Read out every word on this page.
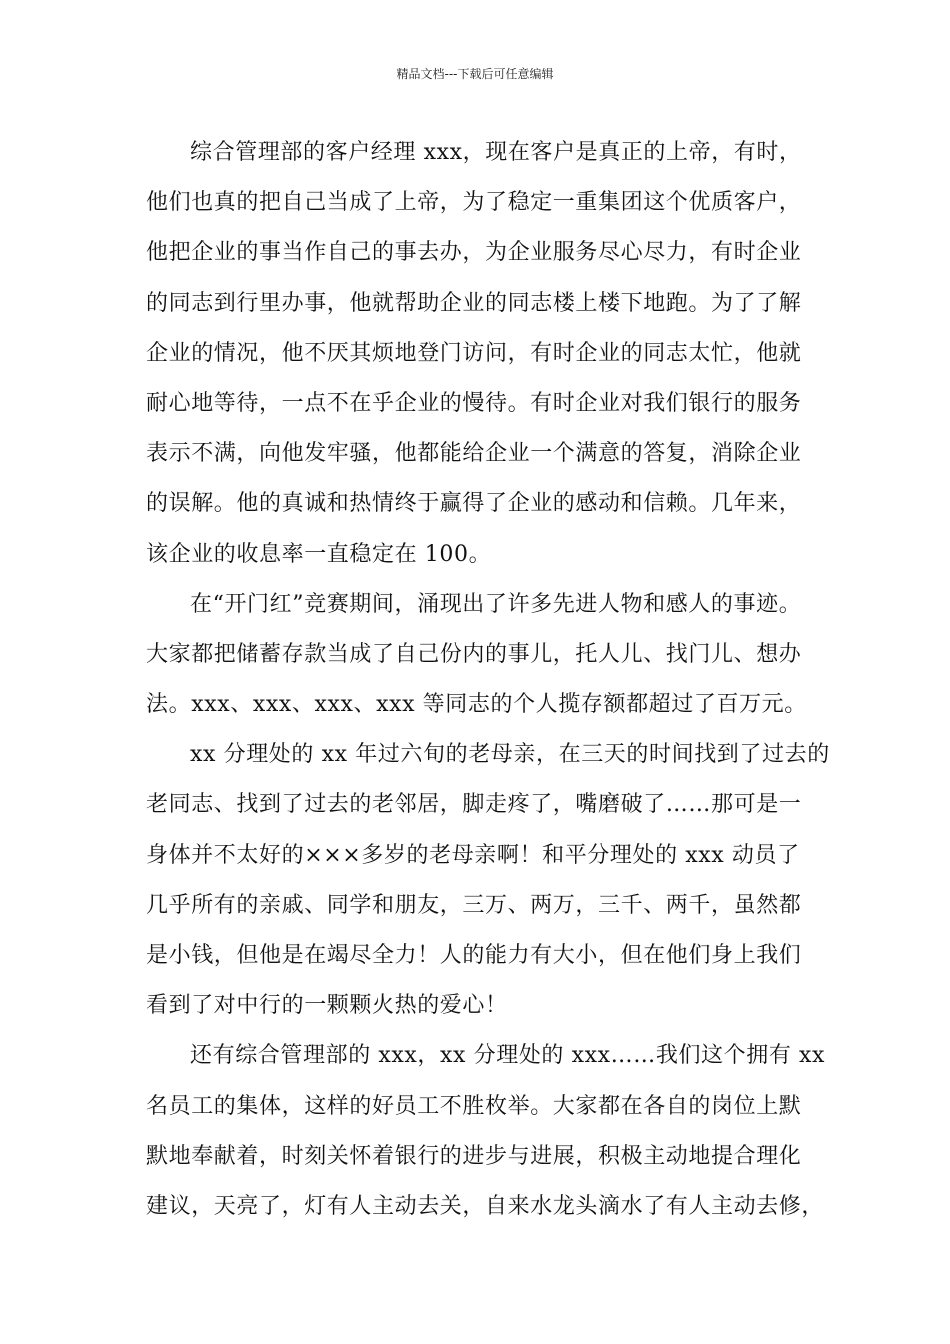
精品文档---下载后可任意编辑
综合管理部的客户经理 xxx，现在客户是真正的上帝，有时，
他们也真的把自己当成了上帝，为了稳定一重集团这个优质客户，
他把企业的事当作自己的事去办，为企业服务尽心尽力，有时企业
的同志到行里办事，他就帮助企业的同志楼上楼下地跑。为了了解
企业的情况，他不厌其烦地登门访问，有时企业的同志太忙，他就
耐心地等待，一点不在乎企业的慢待。有时企业对我们银行的服务
表示不满，向他发牢骚，他都能给企业一个满意的答复，消除企业
的误解。他的真诚和热情终于赢得了企业的感动和信赖。几年来，
该企业的收息率一直稳定在 100。
在“开门红”竞赛期间，涌现出了许多先进人物和感人的事迹。
大家都把储蓄存款当成了自己份内的事儿，托人儿、找门儿、想办
法。xxx、xxx、xxx、xxx 等同志的个人揽存额都超过了百万元。
xx 分理处的 xx 年过六旬的老母亲，在三天的时间找到了过去的
老同志、找到了过去的老邻居，脚走疼了，嘴磨破了……那可是一
身体并不太好的×××多岁的老母亲啊！和平分理处的 xxx 动员了
几乎所有的亲戚、同学和朋友，三万、两万，三千、两千，虽然都
是小钱，但他是在竭尽全力！人的能力有大小，但在他们身上我们
看到了对中行的一颗颗火热的爱心！
还有综合管理部的 xxx，xx 分理处的 xxx……我们这个拥有 xx
名员工的集体，这样的好员工不胜枚举。大家都在各自的岗位上默
默地奉献着，时刻关怀着银行的进步与进展，积极主动地提合理化
建议，天亮了，灯有人主动去关，自来水龙头滴水了有人主动去修，
